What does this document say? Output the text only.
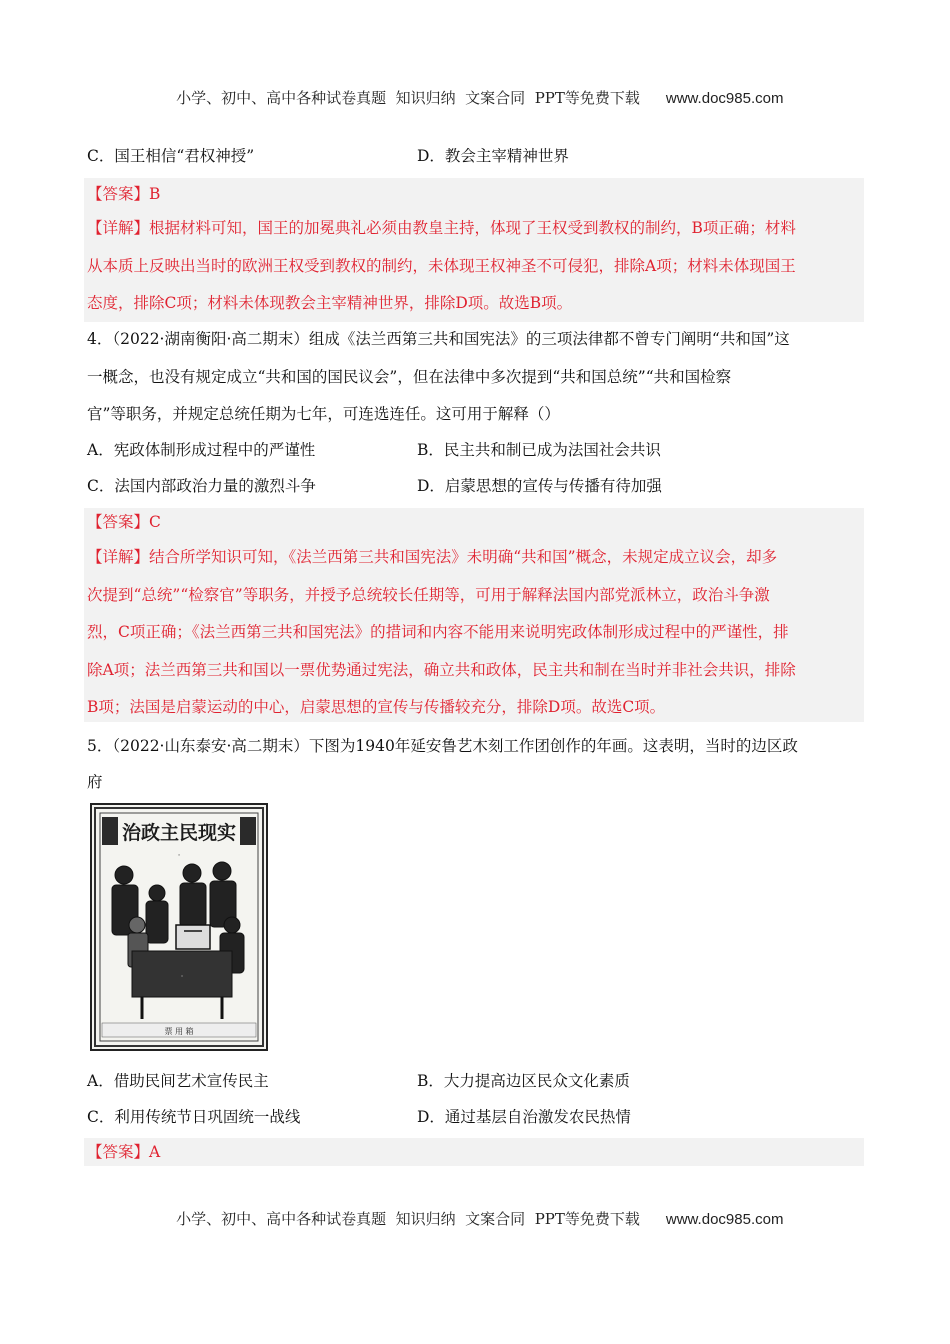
小学、初中、高中各种试卷真题  知识归纳  文案合同  PPT等免费下载 www.doc985.com

C．国王相信“君权神授”	D．教会主宰精神世界
【答案】B
【详解】根据材料可知，国王的加冕典礼必须由教皇主持，体现了王权受到教权的制约，B项正确；材料
从本质上反映出当时的欧洲王权受到教权的制约，未体现王权神圣不可侵犯，排除A项；材料未体现国王
态度，排除C项；材料未体现教会主宰精神世界，排除D项。故选B项。
4．（2022·湖南衡阳·高二期末）组成《法兰西第三共和国宪法》的三项法律都不曾专门阐明“共和国”这
一概念，也没有规定成立“共和国的国民议会”，但在法律中多次提到“共和国总统”“共和国检察
官”等职务，并规定总统任期为七年，可连选连任。这可用于解释（）
A．宪政体制形成过程中的严谨性	B．民主共和制已成为法国社会共识
C．法国内部政治力量的激烈斗争	D．启蒙思想的宣传与传播有待加强
【答案】C
【详解】结合所学知识可知，《法兰西第三共和国宪法》未明确“共和国”概念，未规定成立议会，却多
次提到“总统”“检察官”等职务，并授予总统较长任期等，可用于解释法国内部党派林立，政治斗争激
烈，C项正确；《法兰西第三共和国宪法》的措词和内容不能用来说明宪政体制形成过程中的严谨性，排
除A项；法兰西第三共和国以一票优势通过宪法，确立共和政体，民主共和制在当时并非社会共识，排除
B项；法国是启蒙运动的中心，启蒙思想的宣传与传播较充分，排除D项。故选C项。
5．（2022·山东泰安·高二期末）下图为1940年延安鲁艺木刻工作团创作的年画。这表明，当时的边区政
府
治政主民现实
·
·
票 用 箱
A．借助民间艺术宣传民主	B．大力提高边区民众文化素质
C．利用传统节日巩固统一战线	D．通过基层自治激发农民热情
【答案】A

小学、初中、高中各种试卷真题  知识归纳  文案合同  PPT等免费下载 www.doc985.com
